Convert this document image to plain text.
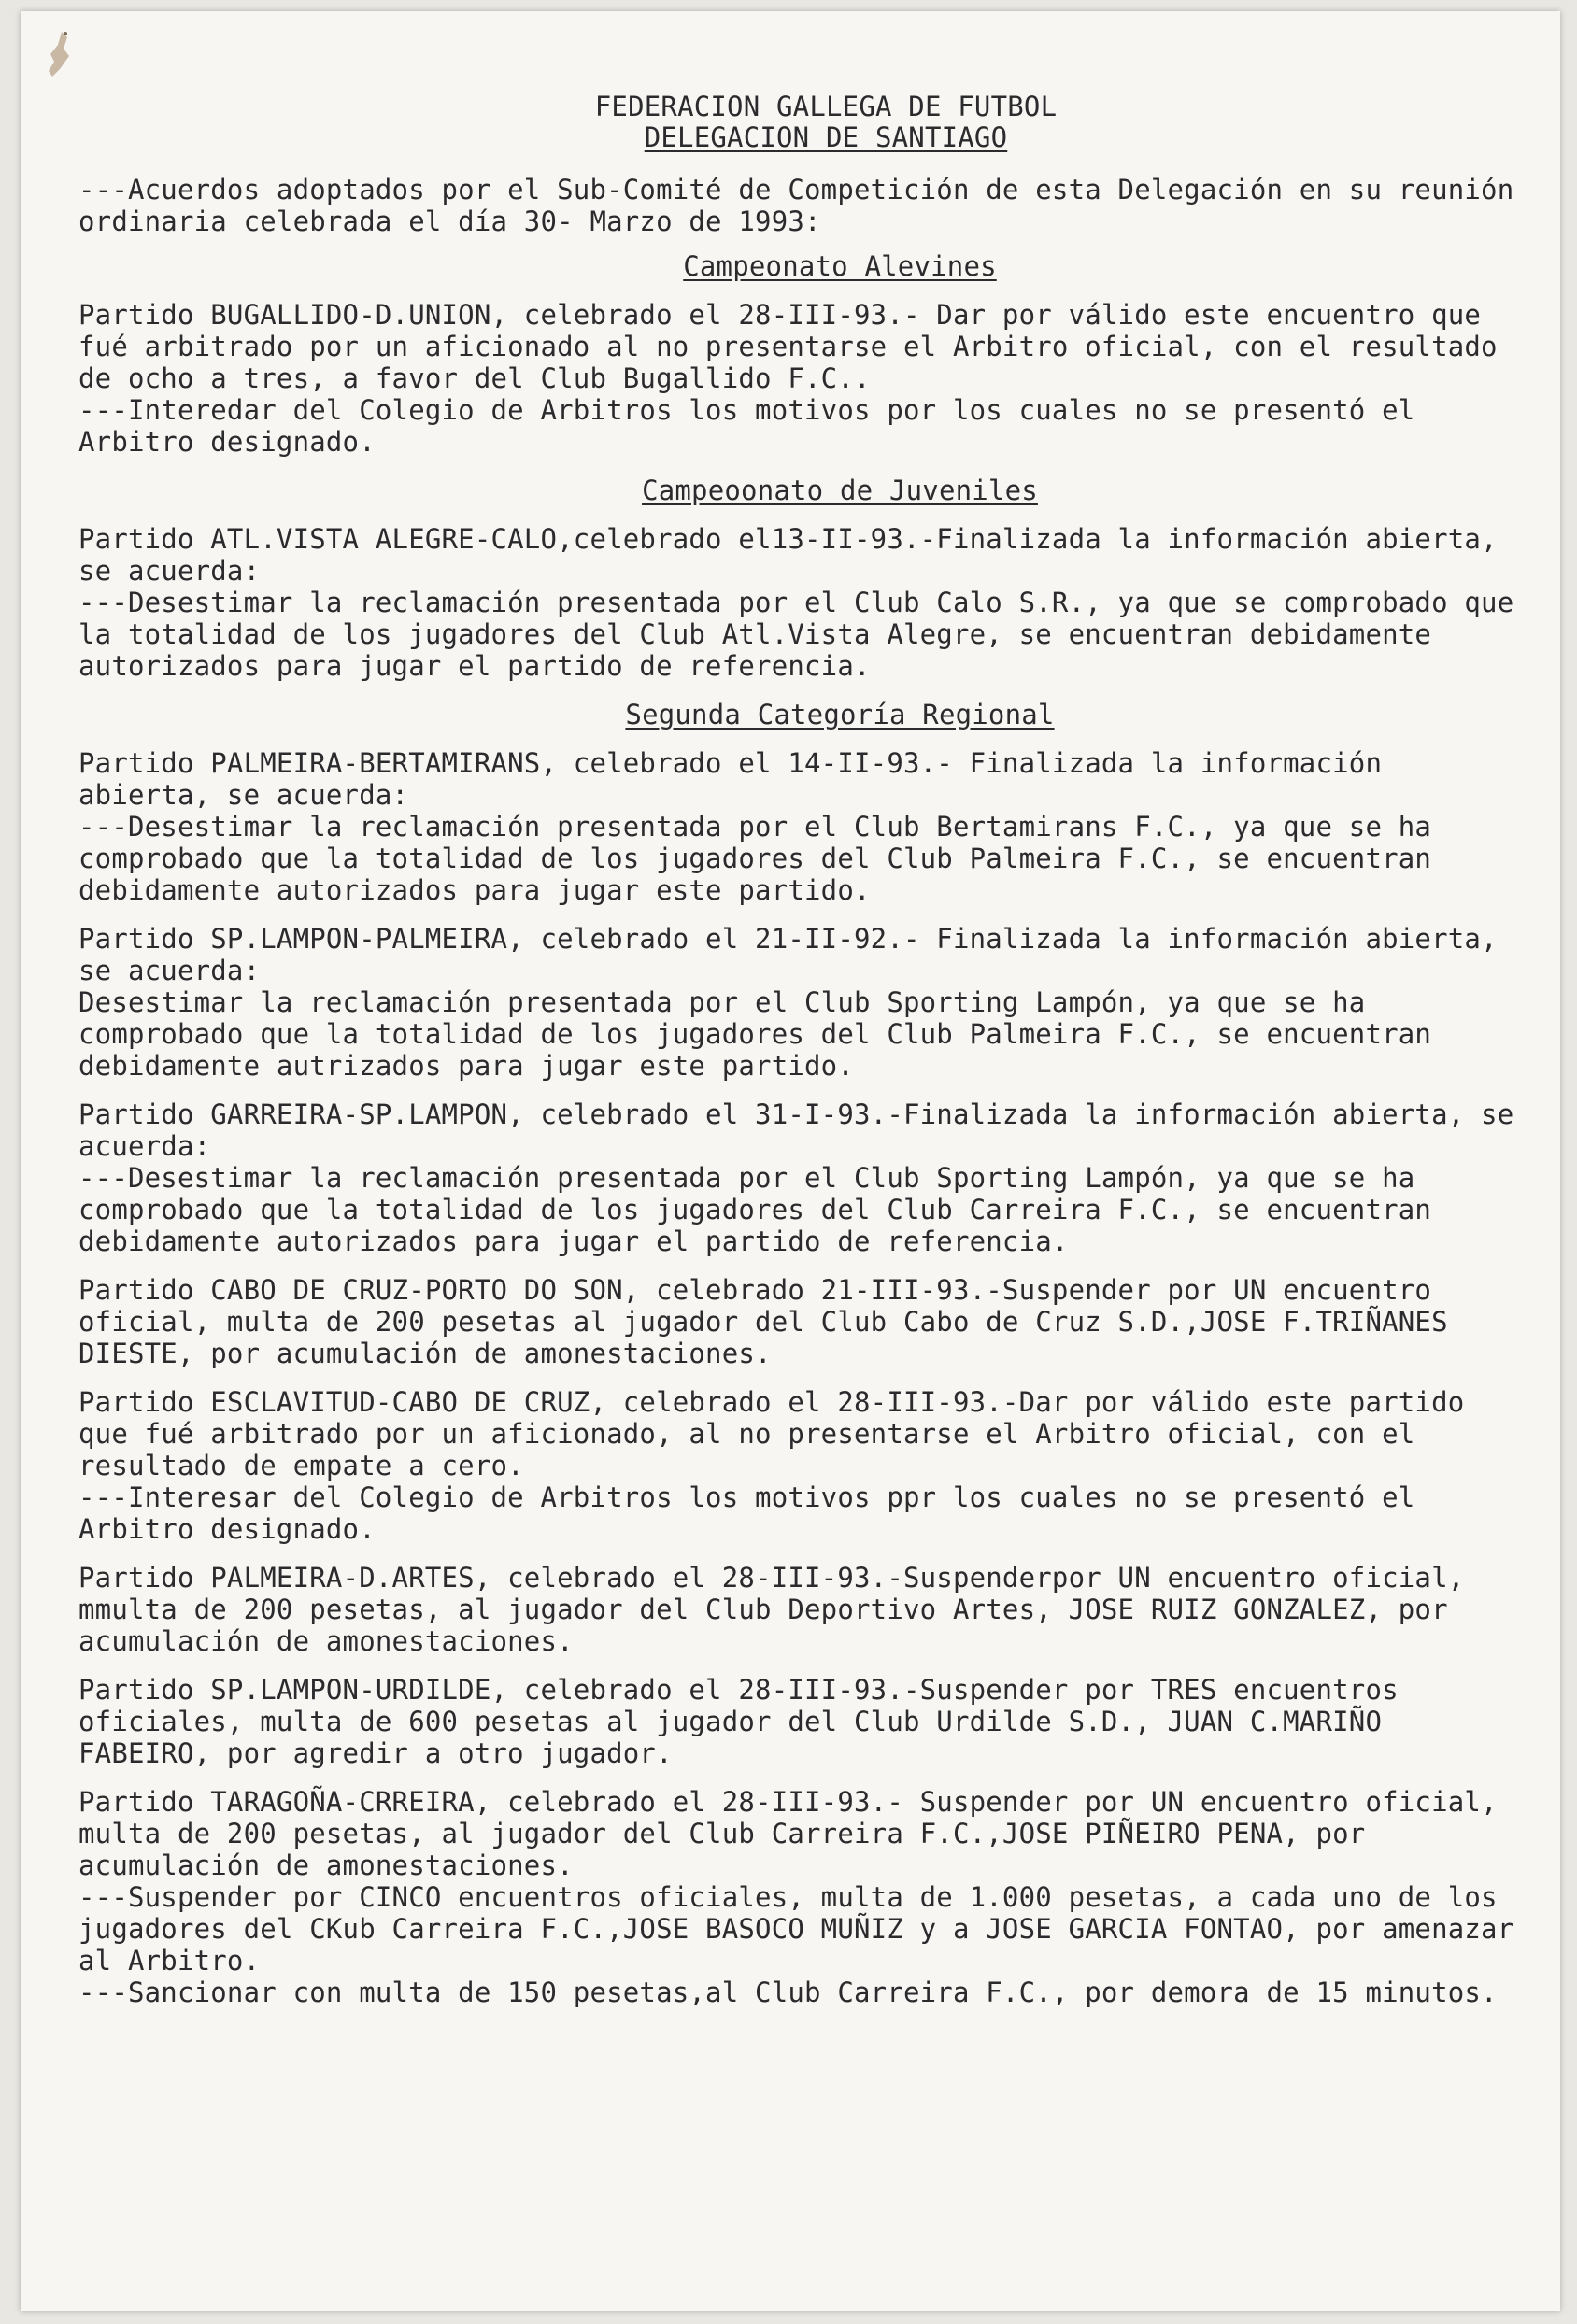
FEDERACION GALLEGA DE FUTBOL
DELEGACION DE SANTIAGO
---Acuerdos adoptados por el Sub-Comité de Competición de esta Delegación en su reunión ordinaria celebrada el día 30- Marzo de 1993:
Campeonato Alevines
Partido BUGALLIDO-D.UNION, celebrado el 28-III-93.- Dar por válido este encuentro que fué arbitrado por un aficionado al no presentarse el Arbitro oficial, con el resultado de ocho a tres, a favor del Club Bugallido F.C..
---Interedar del Colegio de Arbitros los motivos por los cuales no se presentó el Arbitro designado.
Campeoonato de Juveniles
Partido ATL.VISTA ALEGRE-CALO,celebrado el13-II-93.-Finalizada la información abierta, se acuerda:
---Desestimar la reclamación presentada por el Club Calo S.R., ya que se comprobado que la totalidad de los jugadores del Club Atl.Vista Alegre, se encuentran debidamente autorizados para jugar el partido de referencia.
Segunda Categoría Regional
Partido PALMEIRA-BERTAMIRANS, celebrado el 14-II-93.- Finalizada la información abierta, se acuerda:
---Desestimar la reclamación presentada por el Club Bertamirans F.C., ya que se ha comprobado que la totalidad de los jugadores del Club Palmeira F.C., se encuentran debidamente autorizados para jugar este partido.
Partido SP.LAMPON-PALMEIRA, celebrado el 21-II-92.- Finalizada la información abierta, se acuerda:
Desestimar la reclamación presentada por el Club Sporting Lampón, ya que se ha comprobado que la totalidad de los jugadores del Club Palmeira F.C., se encuentran debidamente autrizados para jugar este partido.
Partido GARREIRA-SP.LAMPON, celebrado el 31-I-93.-Finalizada la información abierta, se acuerda:
---Desestimar la reclamación presentada por el Club Sporting Lampón, ya que se ha comprobado que la totalidad de los jugadores del Club Carreira F.C., se encuentran debidamente autorizados para jugar el partido de referencia.
Partido CABO DE CRUZ-PORTO DO SON, celebrado 21-III-93.-Suspender por UN encuentro oficial, multa de 200 pesetas al jugador del Club Cabo de Cruz S.D.,JOSE F.TRIÑANES DIESTE, por acumulación de amonestaciones.
Partido ESCLAVITUD-CABO DE CRUZ, celebrado el 28-III-93.-Dar por válido este partido que fué arbitrado por un aficionado, al no presentarse el Arbitro oficial, con el resultado de empate a cero.
---Interesar del Colegio de Arbitros los motivos ppr los cuales no se presentó el Arbitro designado.
Partido PALMEIRA-D.ARTES, celebrado el 28-III-93.-Suspenderpor UN encuentro oficial, mmulta de 200 pesetas, al jugador del Club Deportivo Artes, JOSE RUIZ GONZALEZ, por acumulación de amonestaciones.
Partido SP.LAMPON-URDILDE, celebrado el 28-III-93.-Suspender por TRES encuentros oficiales, multa de 600 pesetas al jugador del Club Urdilde S.D., JUAN C.MARIÑO FABEIRO, por agredir a otro jugador.
Partido TARAGOÑA-CRREIRA, celebrado el 28-III-93.- Suspender por UN encuentro oficial, multa de 200 pesetas, al jugador del Club Carreira F.C.,JOSE PIÑEIRO PENA, por acumulación de amonestaciones.
---Suspender por CINCO encuentros oficiales, multa de 1.000 pesetas, a cada uno de los jugadores del CKub Carreira F.C.,JOSE BASOCO MUÑIZ y a JOSE GARCIA FONTAO, por amenazar al Arbitro.
---Sancionar con multa de 150 pesetas,al Club Carreira F.C., por demora de 15 minutos.
